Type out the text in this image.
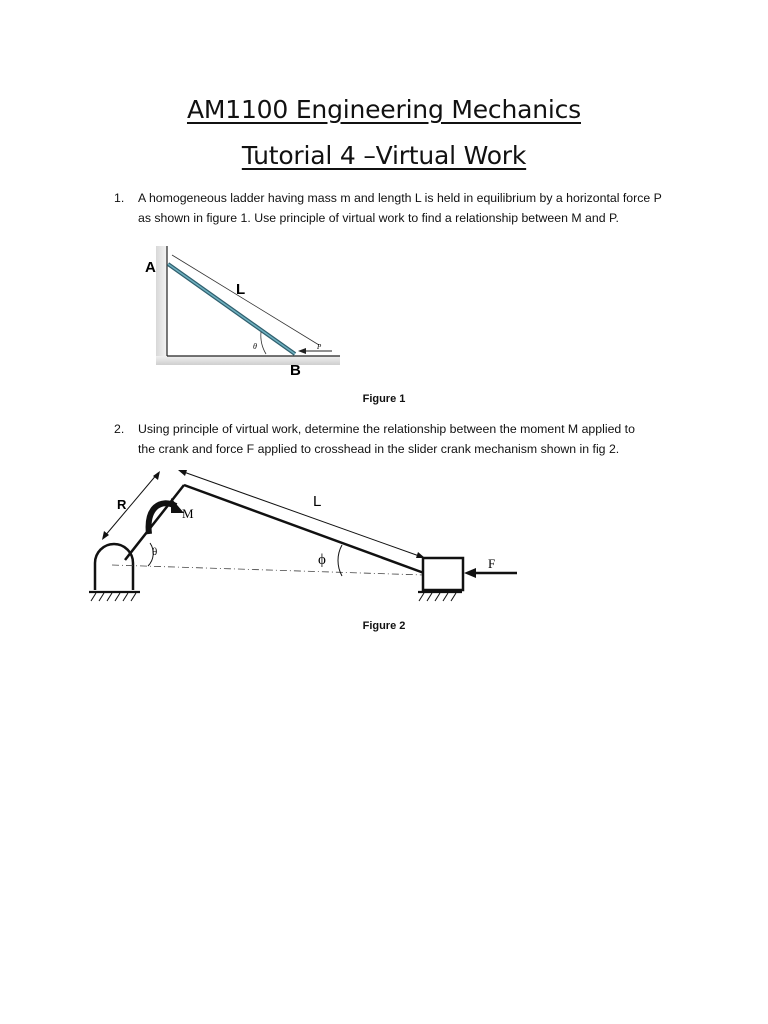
AM1100 Engineering Mechanics
Tutorial 4 –Virtual Work
1.	A homogeneous ladder having mass m and length L is held in equilibrium by a horizontal force P
as shown in figure 1. Use principle of virtual work to find a relationship between M and P.
A
L
θ	P
B
Figure 1
2.	Using principle of virtual work, determine the relationship between the moment M applied to
the crank and force F applied to crosshead in the slider crank mechanism shown in fig 2.
R
M
θ
L
ϕ	F
Figure 2
